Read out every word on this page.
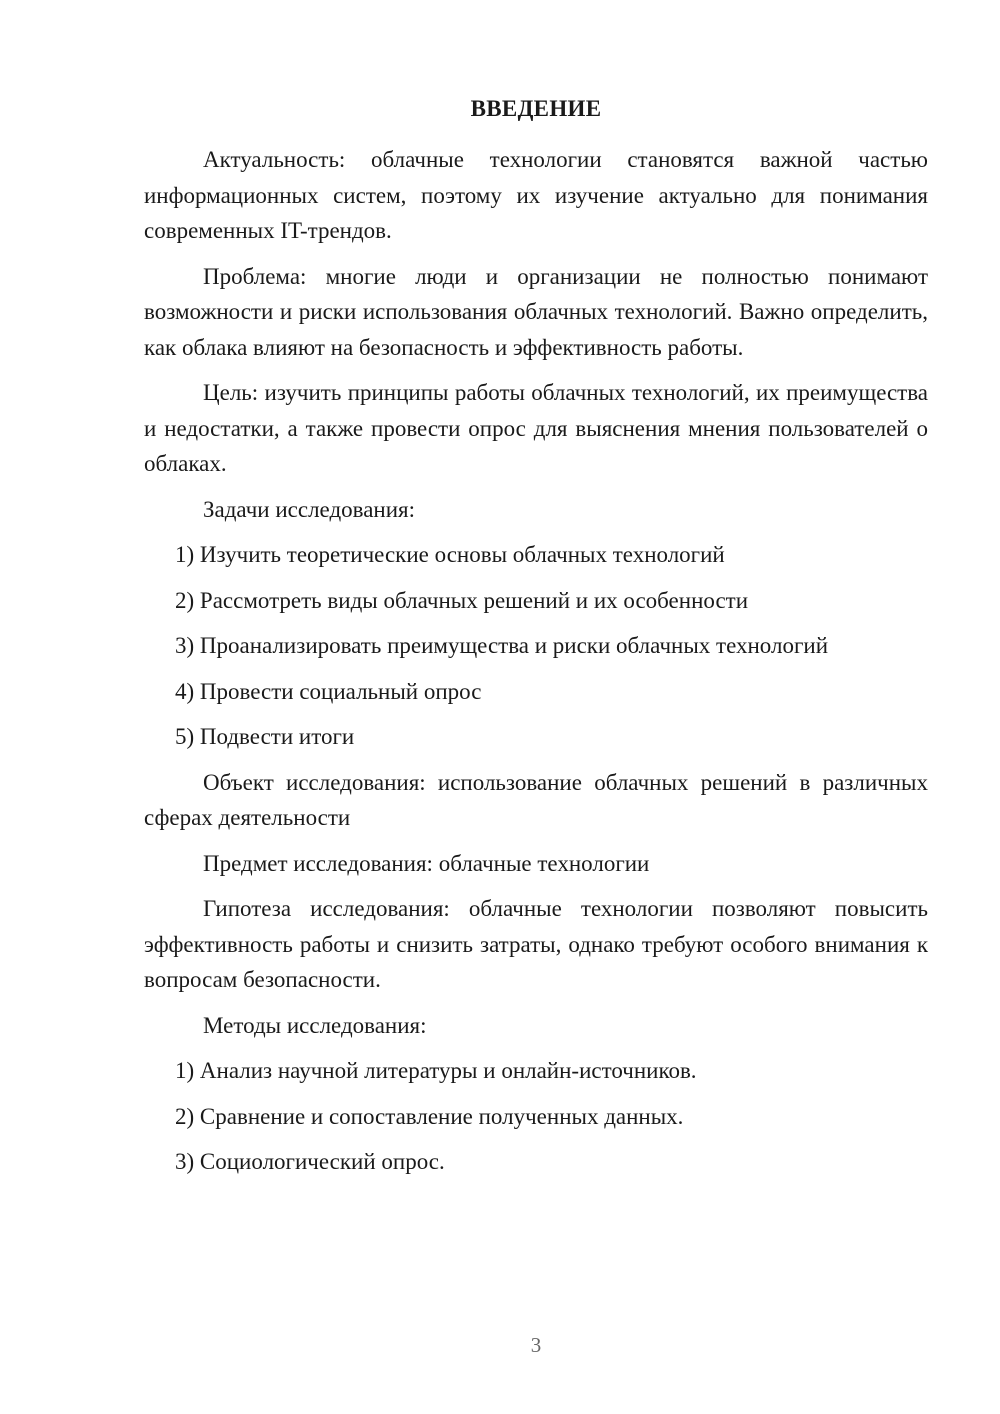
ВВЕДЕНИЕ

Актуальность: облачные технологии становятся важной частью информационных систем, поэтому их изучение актуально для понимания современных IT-трендов.

Проблема: многие люди и организации не полностью понимают возможности и риски использования облачных технологий. Важно определить, как облака влияют на безопасность и эффективность работы.

Цель: изучить принципы работы облачных технологий, их преимущества и недостатки, а также провести опрос для выяснения мнения пользователей о облаках.

Задачи исследования:

1) Изучить теоретические основы облачных технологий

2) Рассмотреть виды облачных решений и их особенности

3) Проанализировать преимущества и риски облачных технологий

4) Провести социальный опрос

5) Подвести итоги

Объект исследования: использование облачных решений в различных сферах деятельности

Предмет исследования: облачные технологии

Гипотеза исследования: облачные технологии позволяют повысить эффективность работы и снизить затраты, однако требуют особого внимания к вопросам безопасности.

Методы исследования:

1) Анализ научной литературы и онлайн-источников.

2) Сравнение и сопоставление полученных данных.

3) Социологический опрос.

3
